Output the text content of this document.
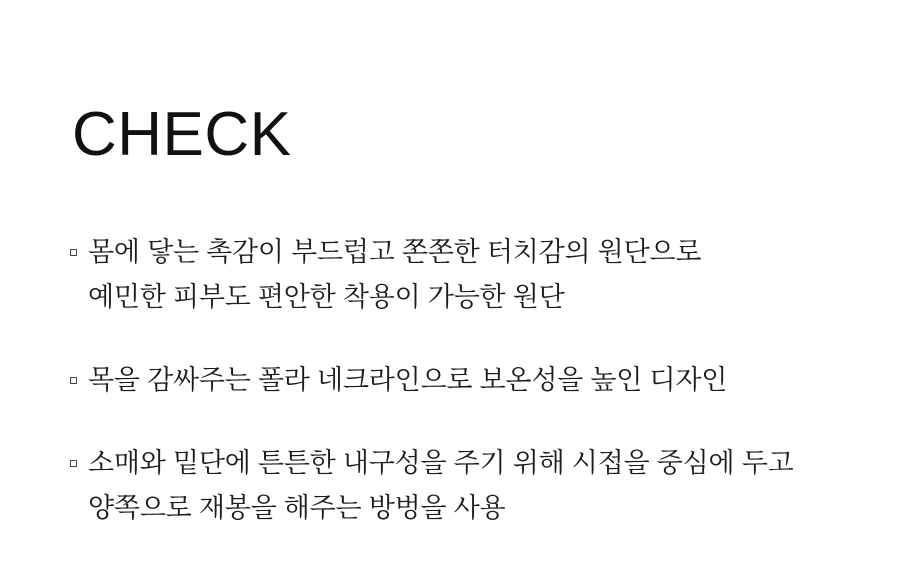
CHECK
몸에 닿는 촉감이 부드럽고 쫀쫀한 터치감의 원단으로
예민한 피부도 편안한 착용이 가능한 원단
목을 감싸주는 폴라 네크라인으로 보온성을 높인 디자인
소매와 밑단에 튼튼한 내구성을 주기 위해 시접을 중심에 두고
양쪽으로 재봉을 해주는 방벙을 사용
